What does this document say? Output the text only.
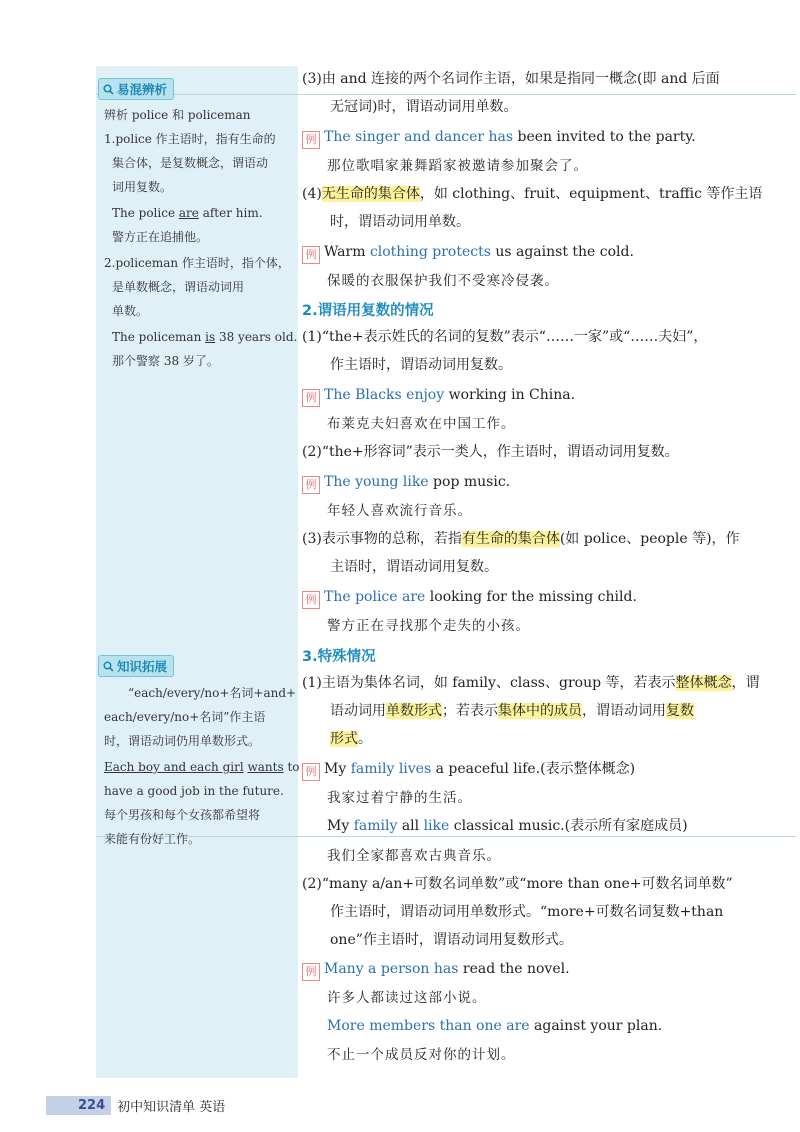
易混辨析
辨析 police 和 policeman
1.police 作主语时，指有生命的
集合体，是复数概念，谓语动
词用复数。
The police are after him.
警方正在追捕他。
2.policeman 作主语时，指个体，
是单数概念，谓语动词用
单数。
The policeman is 38 years old.
那个警察 38 岁了。
知识拓展
“each/every/no+名词+and+
each/every/no+名词”作主语
时，谓语动词仍用单数形式。
Each boy and each girl wants to
have a good job in the future.
每个男孩和每个女孩都希望将
来能有份好工作。
(3)由 and 连接的两个名词作主语，如果是指同一概念(即 and 后面
无冠词)时，谓语动词用单数。
例 The singer and dancer has been invited to the party.
那位歌唱家兼舞蹈家被邀请参加聚会了。
(4)无生命的集合体，如 clothing、fruit、equipment、traffic 等作主语
时，谓语动词用单数。
例 Warm clothing protects us against the cold.
保暖的衣服保护我们不受寒冷侵袭。
2.谓语用复数的情况
(1)“the+表示姓氏的名词的复数”表示“……一家”或“……夫妇”，
作主语时，谓语动词用复数。
例 The Blacks enjoy working in China.
布莱克夫妇喜欢在中国工作。
(2)“the+形容词”表示一类人，作主语时，谓语动词用复数。
例 The young like pop music.
年轻人喜欢流行音乐。
(3)表示事物的总称，若指有生命的集合体(如 police、people 等)，作
主语时，谓语动词用复数。
例 The police are looking for the missing child.
警方正在寻找那个走失的小孩。
3.特殊情况
(1)主语为集体名词，如 family、class、group 等，若表示整体概念，谓
语动词用单数形式；若表示集体中的成员，谓语动词用复数
形式。
例 My family lives a peaceful life.(表示整体概念)
我家过着宁静的生活。
My family all like classical music.(表示所有家庭成员)
我们全家都喜欢古典音乐。
(2)“many a/an+可数名词单数”或“more than one+可数名词单数”
作主语时，谓语动词用单数形式。“more+可数名词复数+than
one”作主语时，谓语动词用复数形式。
例 Many a person has read the novel.
许多人都读过这部小说。
More members than one are against your plan.
不止一个成员反对你的计划。
224 初中知识清单 英语
